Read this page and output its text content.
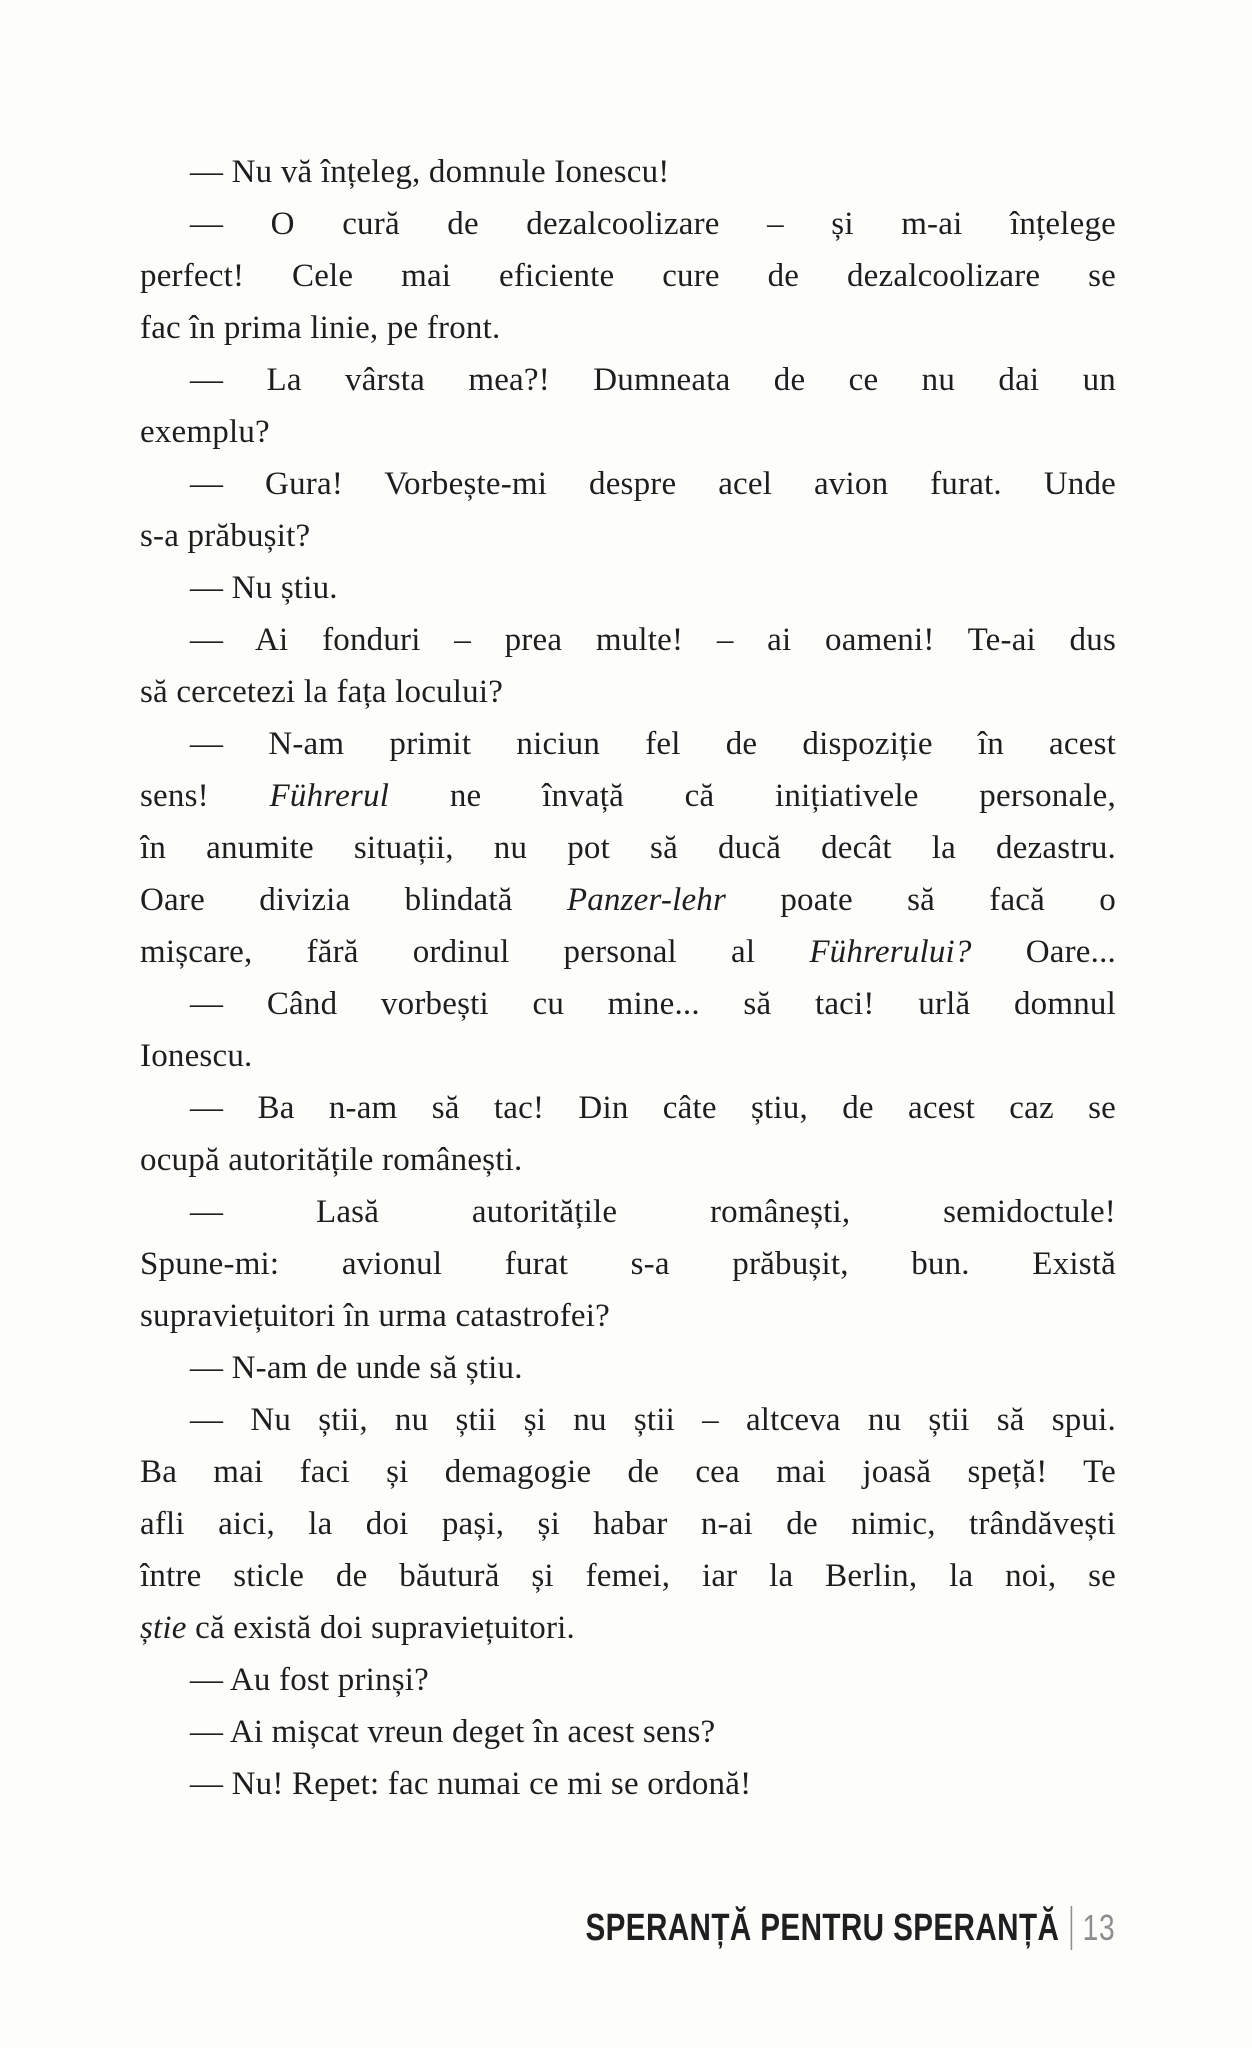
— Nu vă înțeleg, domnule Ionescu!
— O cură de dezalcoolizare – și m-ai înțelege
perfect! Cele mai eficiente cure de dezalcoolizare se
fac în prima linie, pe front.
— La vârsta mea?! Dumneata de ce nu dai un
exemplu?
— Gura! Vorbește-mi despre acel avion furat. Unde
s-a prăbușit?
— Nu știu.
— Ai fonduri – prea multe! – ai oameni! Te-ai dus
să cercetezi la fața locului?
— N-am primit niciun fel de dispoziție în acest
sens! Führerul ne învață că inițiativele personale,
în anumite situații, nu pot să ducă decât la dezastru.
Oare divizia blindată Panzer-lehr poate să facă o
mișcare, fără ordinul personal al Führerului? Oare...
— Când vorbești cu mine... să taci! urlă domnul
Ionescu.
— Ba n-am să tac! Din câte știu, de acest caz se
ocupă autoritățile românești.
— Lasă autoritățile românești, semidoctule!
Spune-mi: avionul furat s-a prăbușit, bun. Există
supraviețuitori în urma catastrofei?
— N-am de unde să știu.
— Nu știi, nu știi și nu știi – altceva nu știi să spui.
Ba mai faci și demagogie de cea mai joasă speță! Te
afli aici, la doi pași, și habar n-ai de nimic, trândăvești
între sticle de băutură și femei, iar la Berlin, la noi, se
știe că există doi supraviețuitori.
— Au fost prinși?
— Ai mișcat vreun deget în acest sens?
— Nu! Repet: fac numai ce mi se ordonă!
SPERANȚĂ PENTRU SPERANȚĂ 13
